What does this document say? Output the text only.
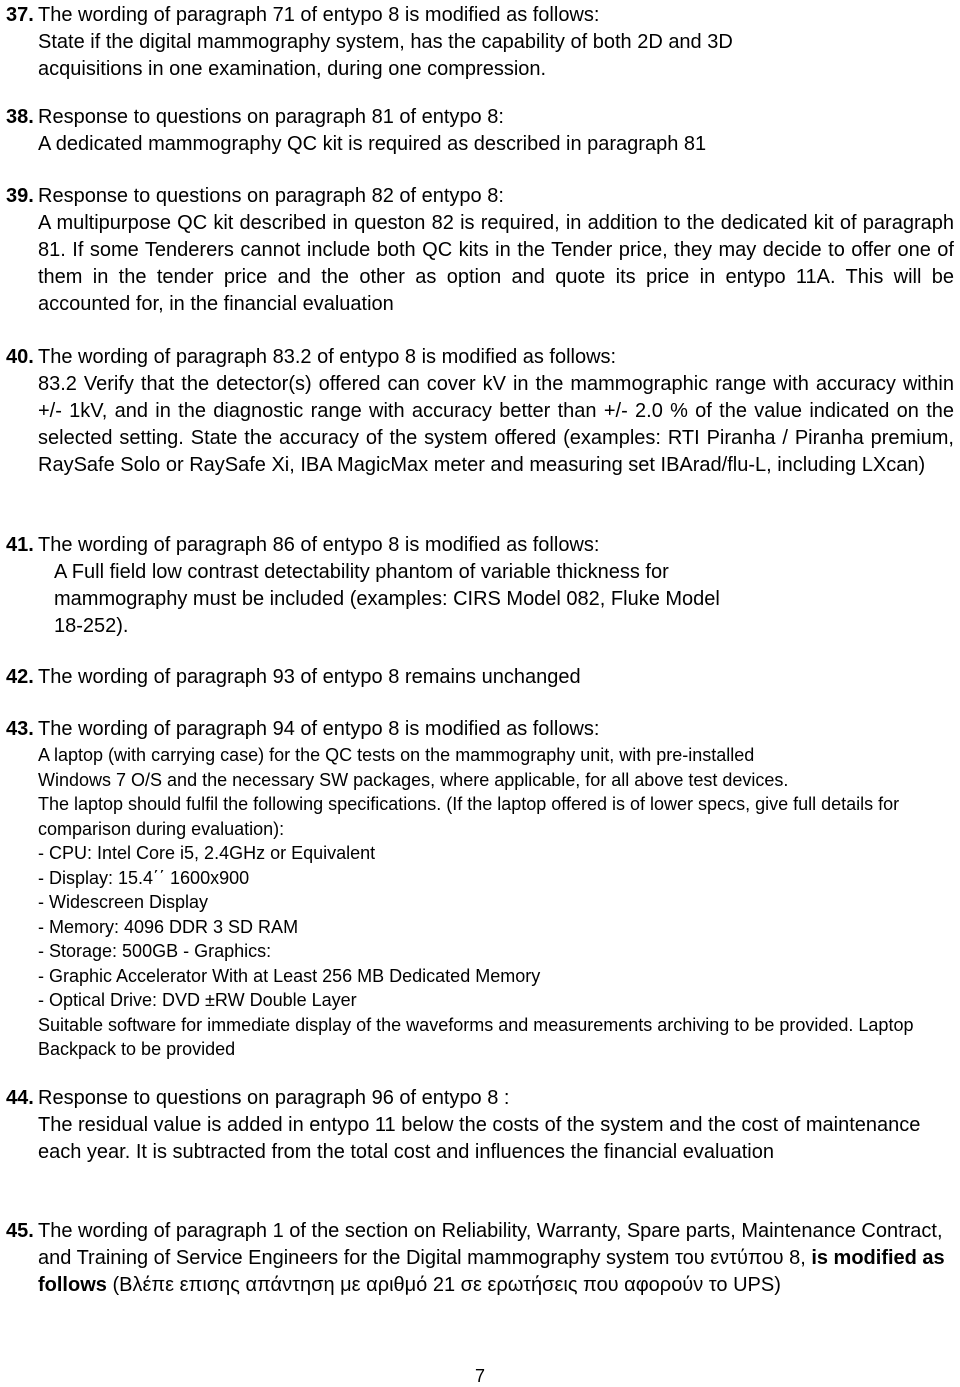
37. The wording of paragraph 71 of entypo 8 is modified as follows:
State if the digital mammography system, has the capability of both 2D and 3D
acquisitions in one examination, during one compression.
38. Response to questions on paragraph 81 of entypo 8:
A dedicated mammography QC kit is required as described in paragraph 81
39. Response to questions on paragraph 82 of entypo 8:
A multipurpose QC kit described in queston 82 is required, in addition to the dedicated kit of paragraph 81. If some Tenderers cannot include both QC kits in the Tender price, they may decide to offer one of them in the tender price and the other as option and quote its price in entypo 11A. This will be accounted for, in the financial evaluation
40. The wording of paragraph 83.2 of entypo 8 is modified as follows:
83.2 Verify that the detector(s) offered can cover kV in the mammographic range with accuracy within +/- 1kV, and in the diagnostic range with accuracy better than +/- 2.0 % of the value indicated on the selected setting. State the accuracy of the system offered (examples: RTI Piranha / Piranha premium, RaySafe Solo or RaySafe Xi, IBA MagicMax meter and measuring set IBArad/flu-L, including LXcan)
41. The wording of paragraph 86 of entypo 8 is modified as follows:
A Full field low contrast detectability phantom of variable thickness for
mammography must be included (examples: CIRS Model 082, Fluke Model
18-252).
42. The wording of paragraph 93 of entypo 8 remains unchanged
43. The wording of paragraph 94 of entypo 8 is modified as follows:
A laptop (with carrying case) for the QC tests on the mammography unit, with pre-installed
Windows 7 O/S and the necessary SW packages, where applicable, for all above test devices.
The laptop should fulfil the following specifications. (If the laptop offered is of lower specs, give full details for comparison during evaluation):
- CPU: Intel Core i5, 2.4GHz or Equivalent
- Display: 15.4΄΄ 1600x900
- Widescreen Display
- Memory: 4096 DDR 3 SD RAM
- Storage: 500GB - Graphics:
- Graphic Accelerator With at Least 256 MB Dedicated Memory
- Optical Drive: DVD ±RW Double Layer
Suitable software for immediate display of the waveforms and measurements archiving to be provided. Laptop Backpack to be provided
44. Response to questions on paragraph 96 of entypo 8 :
The residual value is added in entypo 11 below the costs of the system and the cost of maintenance each year. It is subtracted from the total cost and influences the financial evaluation
45. The wording of paragraph 1 of the section on Reliability, Warranty, Spare parts, Maintenance Contract, and Training of Service Engineers for the Digital mammography system του εντύπου 8, is modified as follows (Βλέπε επισης απάντηση με αριθμό 21 σε ερωτήσεις που αφορούν το UPS)
7
